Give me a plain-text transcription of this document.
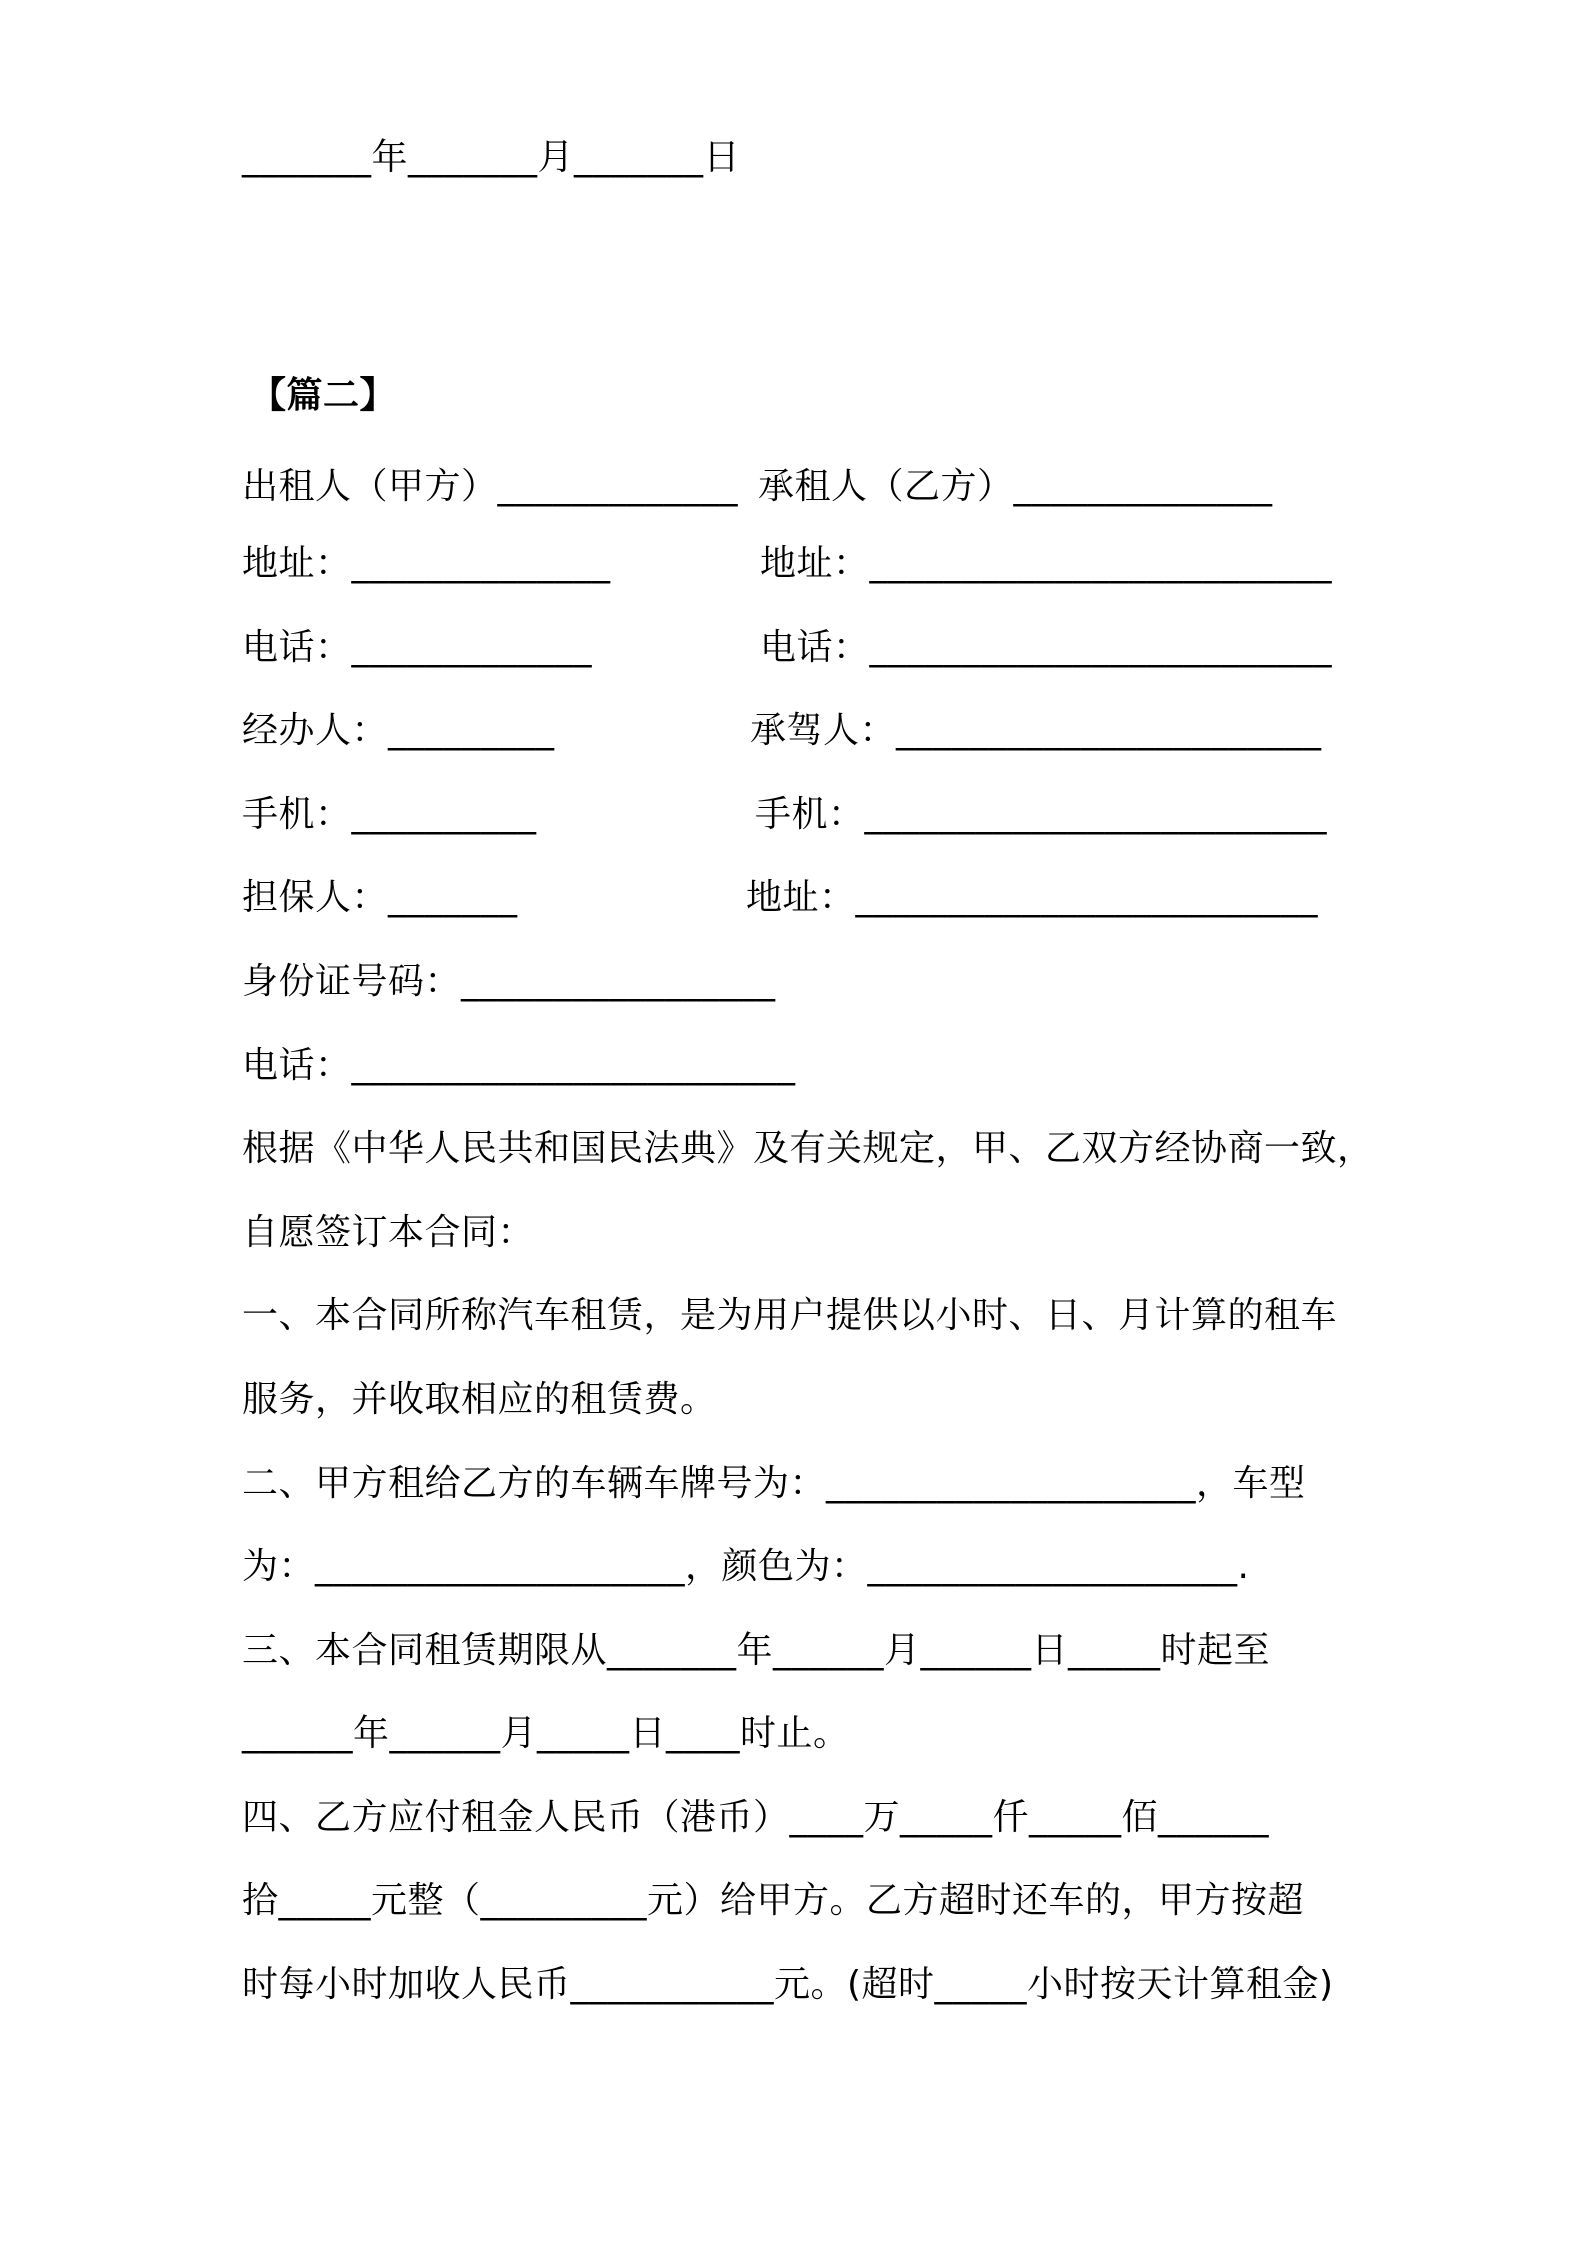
_______年_______月_______日
【篇二】
出租人（甲方）_____________ 承租人（乙方）______________
地址：______________	地址：_________________________
电话：_____________	电话：_________________________
经办人：_________	承驾人：_______________________
手机：__________	手机：_________________________
担保人：_______	地址：_________________________
身份证号码：_________________
电话：________________________
根据《中华人民共和国民法典》及有关规定，甲、乙双方经协商一致，
自愿签订本合同：
一、本合同所称汽车租赁，是为用户提供以小时、日、月计算的租车
服务，并收取相应的租赁费。
二、甲方租给乙方的车辆车牌号为：____________________，车型
为：____________________，颜色为：____________________.
三、本合同租赁期限从_______年______月______日_____时起至
______年______月_____日____时止。
四、乙方应付租金人民币（港币）____万_____仟_____佰______
拾_____元整（_________元）给甲方。乙方超时还车的，甲方按超
时每小时加收人民币___________元。(超时_____小时按天计算租金)
